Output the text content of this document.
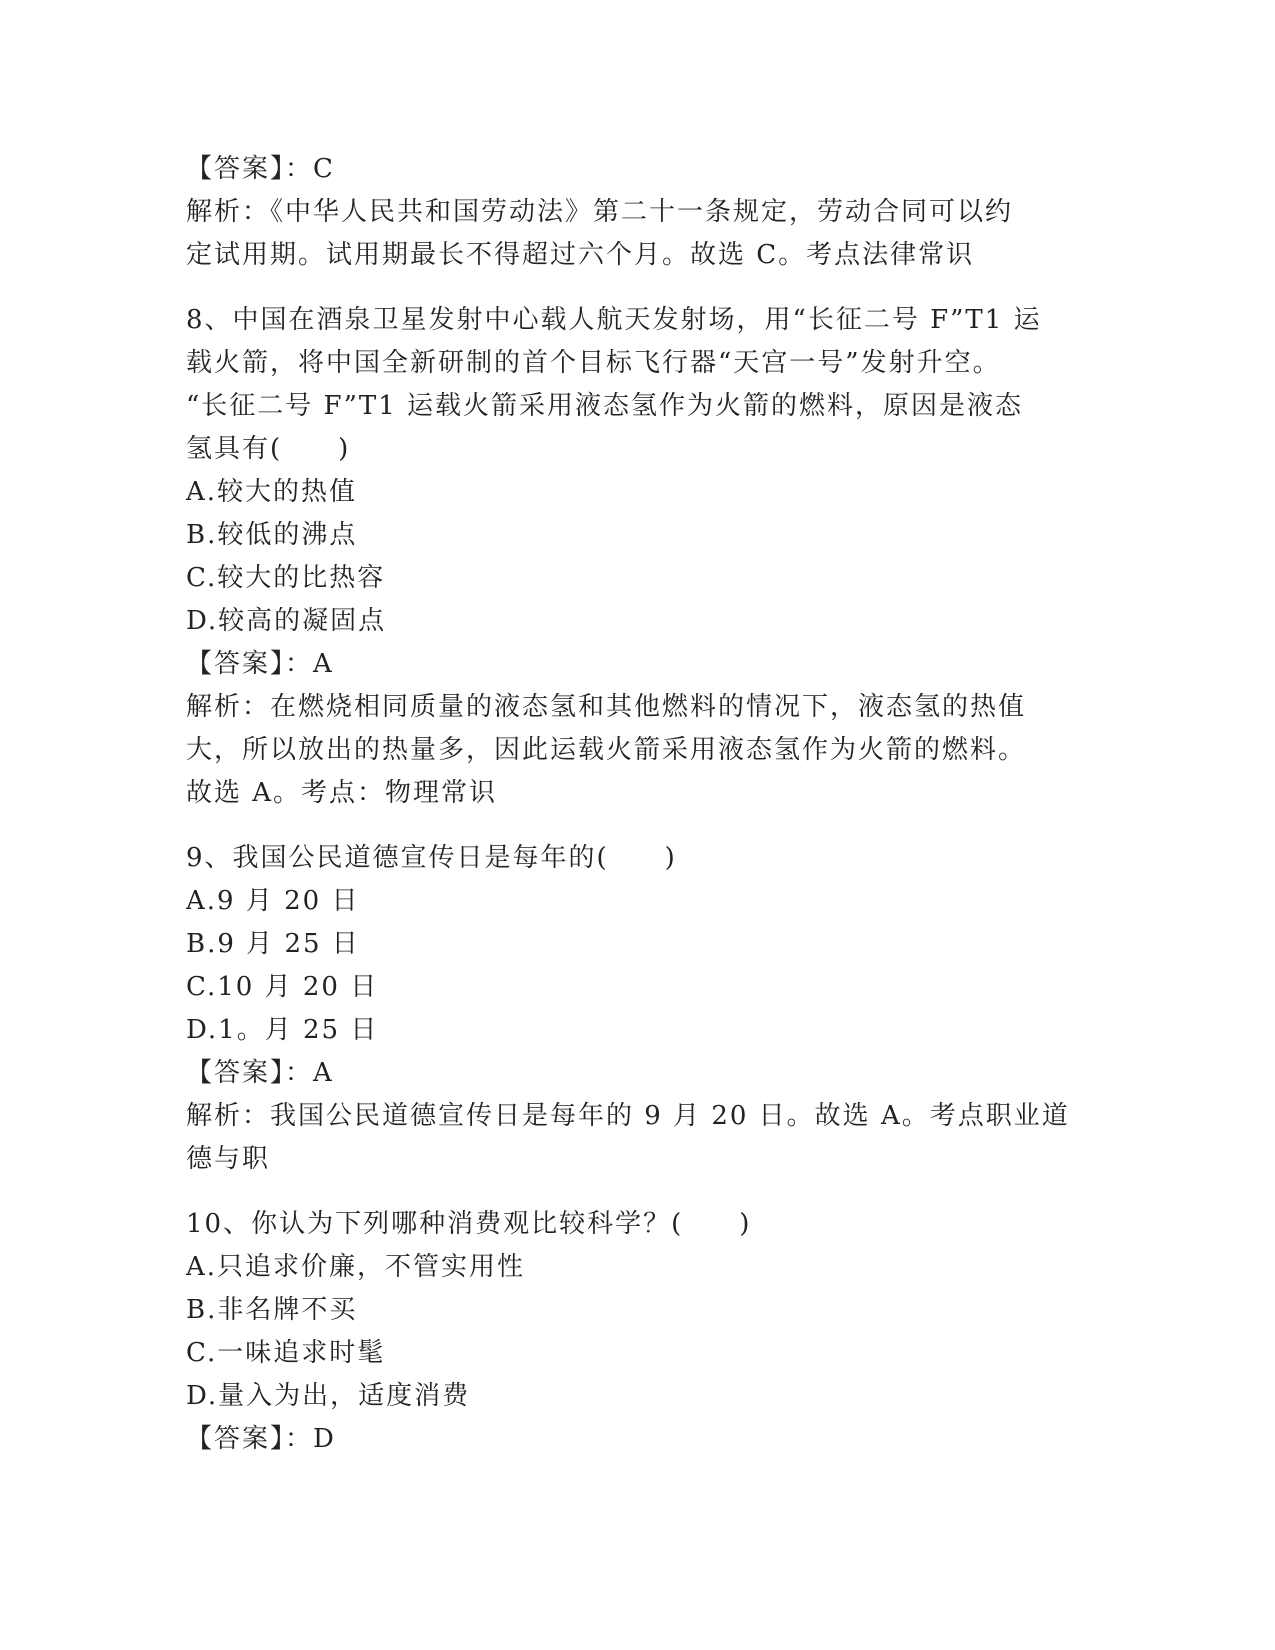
【答案】：C

解析：《中华人民共和国劳动法》第二十一条规定，劳动合同可以约

定试用期。试用期最长不得超过六个月。故选 C。考点法律常识

8、中国在酒泉卫星发射中心载人航天发射场，用“长征二号 F”T1 运

载火箭，将中国全新研制的首个目标飞行器“天宫一号”发射升空。

“长征二号 F”T1 运载火箭采用液态氢作为火箭的燃料，原因是液态

氢具有(　　)

A.较大的热值

B.较低的沸点

C.较大的比热容

D.较高的凝固点

【答案】：A

解析：在燃烧相同质量的液态氢和其他燃料的情况下，液态氢的热值

大，所以放出的热量多，因此运载火箭采用液态氢作为火箭的燃料。

故选 A。考点：物理常识

9、我国公民道德宣传日是每年的(　　)

A.9 月 20 日

B.9 月 25 日

C.10 月 20 日

D.1。月 25 日

【答案】：A

解析：我国公民道德宣传日是每年的 9 月 20 日。故选 A。考点职业道

德与职

10、你认为下列哪种消费观比较科学？(　　)

A.只追求价廉，不管实用性

B.非名牌不买

C.一味追求时髦

D.量入为出，适度消费

【答案】：D
